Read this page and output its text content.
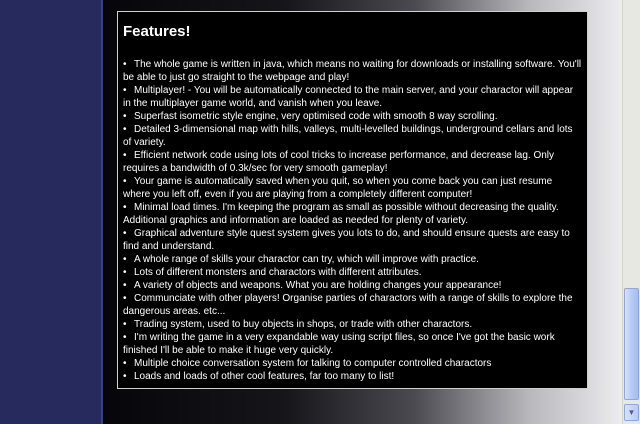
Features!
• The whole game is written in java, which means no waiting for downloads or installing software. You'll be able to just go straight to the webpage and play!
• Multiplayer! - You will be automatically connected to the main server, and your charactor will appear in the multiplayer game world, and vanish when you leave.
• Superfast isometric style engine, very optimised code with smooth 8 way scrolling.
• Detailed 3-dimensional map with hills, valleys, multi-levelled buildings, underground cellars and lots of variety.
• Efficient network code using lots of cool tricks to increase performance, and decrease lag. Only requires a bandwidth of 0.3k/sec for very smooth gameplay!
• Your game is automatically saved when you quit, so when you come back you can just resume where you left off, even if you are playing from a completely different computer!
• Minimal load times. I'm keeping the program as small as possible without decreasing the quality. Additional graphics and information are loaded as needed for plenty of variety.
• Graphical adventure style quest system gives you lots to do, and should ensure quests are easy to find and understand.
• A whole range of skills your charactor can try, which will improve with practice.
• Lots of different monsters and charactors with different attributes.
• A variety of objects and weapons. What you are holding changes your appearance!
• Communciate with other players! Organise parties of charactors with a range of skills to explore the dangerous areas. etc...
• Trading system, used to buy objects in shops, or trade with other charactors.
• I'm writing the game in a very expandable way using script files, so once I've got the basic work finished I'll be able to make it huge very quickly.
• Multiple choice conversation system for talking to computer controlled charactors
• Loads and loads of other cool features, far too many to list!
▼
